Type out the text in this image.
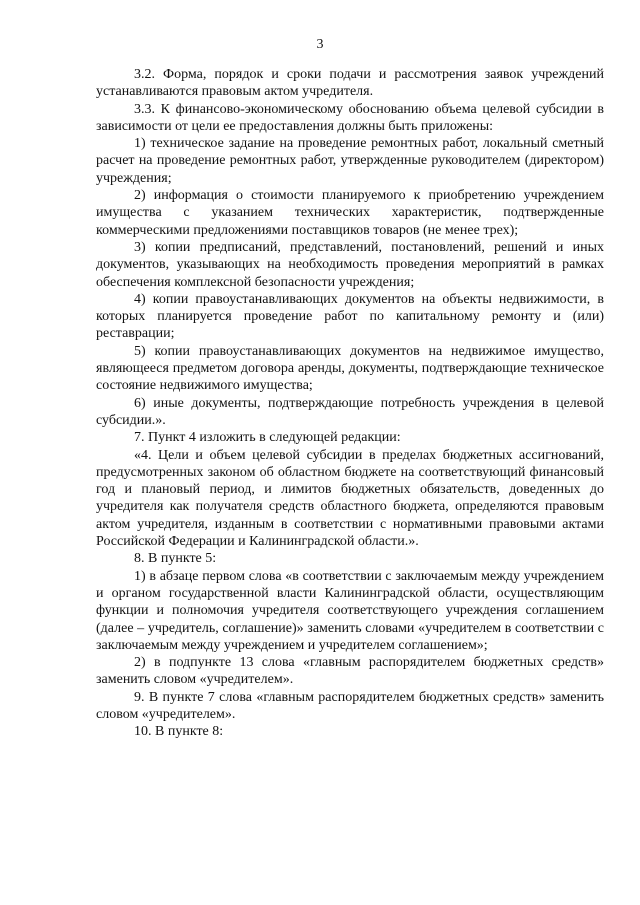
3

3.2. Форма, порядок и сроки подачи и рассмотрения заявок учреждений устанавливаются правовым актом учредителя.

3.3. К финансово-экономическому обоснованию объема целевой субсидии в зависимости от цели ее предоставления должны быть приложены:

1) техническое задание на проведение ремонтных работ, локальный сметный расчет на проведение ремонтных работ, утвержденные руководителем (директором) учреждения;

2) информация о стоимости планируемого к приобретению учреждением имущества с указанием технических характеристик, подтвержденные коммерческими предложениями поставщиков товаров (не менее трех);

3) копии предписаний, представлений, постановлений, решений и иных документов, указывающих на необходимость проведения мероприятий в рамках обеспечения комплексной безопасности учреждения;

4) копии правоустанавливающих документов на объекты недвижимости, в которых планируется проведение работ по капитальному ремонту и (или) реставрации;

5) копии правоустанавливающих документов на недвижимое имущество, являющееся предметом договора аренды, документы, подтверждающие техническое состояние недвижимого имущества;

6) иные документы, подтверждающие потребность учреждения в целевой субсидии.».

7. Пункт 4 изложить в следующей редакции:

«4. Цели и объем целевой субсидии в пределах бюджетных ассигнований, предусмотренных законом об областном бюджете на соответствующий финансовый год и плановый период, и лимитов бюджетных обязательств, доведенных до учредителя как получателя средств областного бюджета, определяются правовым актом учредителя, изданным в соответствии с нормативными правовыми актами Российской Федерации и Калининградской области.».

8. В пункте 5:

1) в абзаце первом слова «в соответствии с заключаемым между учреждением и органом государственной власти Калининградской области, осуществляющим функции и полномочия учредителя соответствующего учреждения соглашением (далее – учредитель, соглашение)» заменить словами «учредителем в соответствии с заключаемым между учреждением и учредителем соглашением»;

2) в подпункте 13 слова «главным распорядителем бюджетных средств» заменить словом «учредителем».

9. В пункте 7 слова «главным распорядителем бюджетных средств» заменить словом «учредителем».

10. В пункте 8:
